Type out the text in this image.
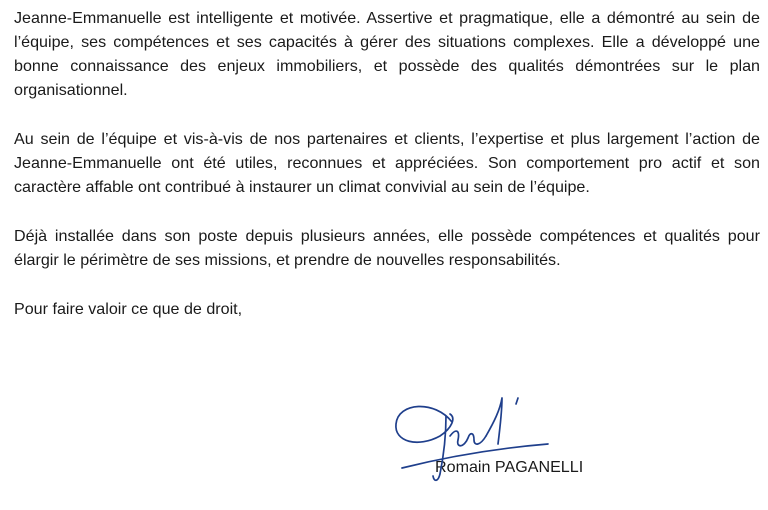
Jeanne-Emmanuelle est intelligente et motivée. Assertive et pragmatique, elle a démontré au sein de l’équipe, ses compétences et ses capacités à gérer des situations complexes. Elle a développé une bonne connaissance des enjeux immobiliers, et possède des qualités démontrées sur le plan organisationnel.

Au sein de l’équipe et vis-à-vis de nos partenaires et clients, l’expertise et plus largement l’action de Jeanne-Emmanuelle ont été utiles, reconnues et appréciées. Son comportement pro actif et son caractère affable ont contribué à instaurer un climat convivial au sein de l’équipe.

Déjà installée dans son poste depuis plusieurs années, elle possède compétences et qualités pour élargir le périmètre de ses missions, et prendre de nouvelles responsabilités.

Pour faire valoir ce que de droit,

Romain PAGANELLI
